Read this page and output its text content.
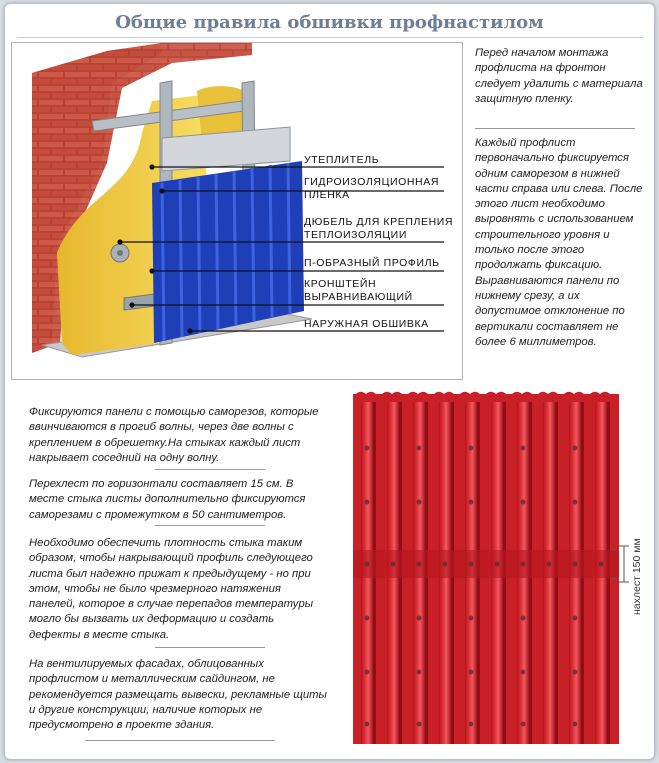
Общие правила обшивки профнастилом
УТЕПЛИТЕЛЬ
ГИДРОИЗОЛЯЦИОННАЯ
ПЛЕНКА
ДЮБЕЛЬ ДЛЯ КРЕПЛЕНИЯ
ТЕПЛОИЗОЛЯЦИИ
П-ОБРАЗНЫЙ ПРОФИЛЬ
КРОНШТЕЙН
ВЫРАВНИВАЮЩИЙ
НАРУЖНАЯ ОБШИВКА
Перед началом монтажа профлиста на фронтон следует удалить с материала защитную пленку.
Каждый профлист первоначально фиксируется одним саморезом в нижней части справа или слева. После этого лист необходимо выровнять с использованием строительного уровня и только после этого продолжать фиксацию. Выравниваются панели по нижнему срезу, а их допустимое отклонение по вертикали составляет не более 6 миллиметров.
Фиксируются панели с помощью саморезов, которые ввинчиваются в прогиб волны, через две волны с креплением в обрешетку.На стыках каждый лист накрывает соседний на одну волну.
Перехлест по горизонтали составляет 15 см. В месте стыка листы дополнительно фиксируются саморезами с промежутком в 50 сантиметров.
Необходимо обеспечить плотность стыка таким образом, чтобы накрывающий профиль следующего листа был надежно прижат к предыдущему - но при этом, чтобы не было чрезмерного натяжения панелей, которое в случае перепадов температуры могло бы вызвать их деформацию и создать дефекты в месте стыка.
На вентилируемых фасадах, облицованных профлистом и металлическим сайдингом, не рекомендуется размещать вывески, рекламные щиты и другие конструкции, наличие которых не предусмотрено в проекте здания.
нахлест 150 мм
